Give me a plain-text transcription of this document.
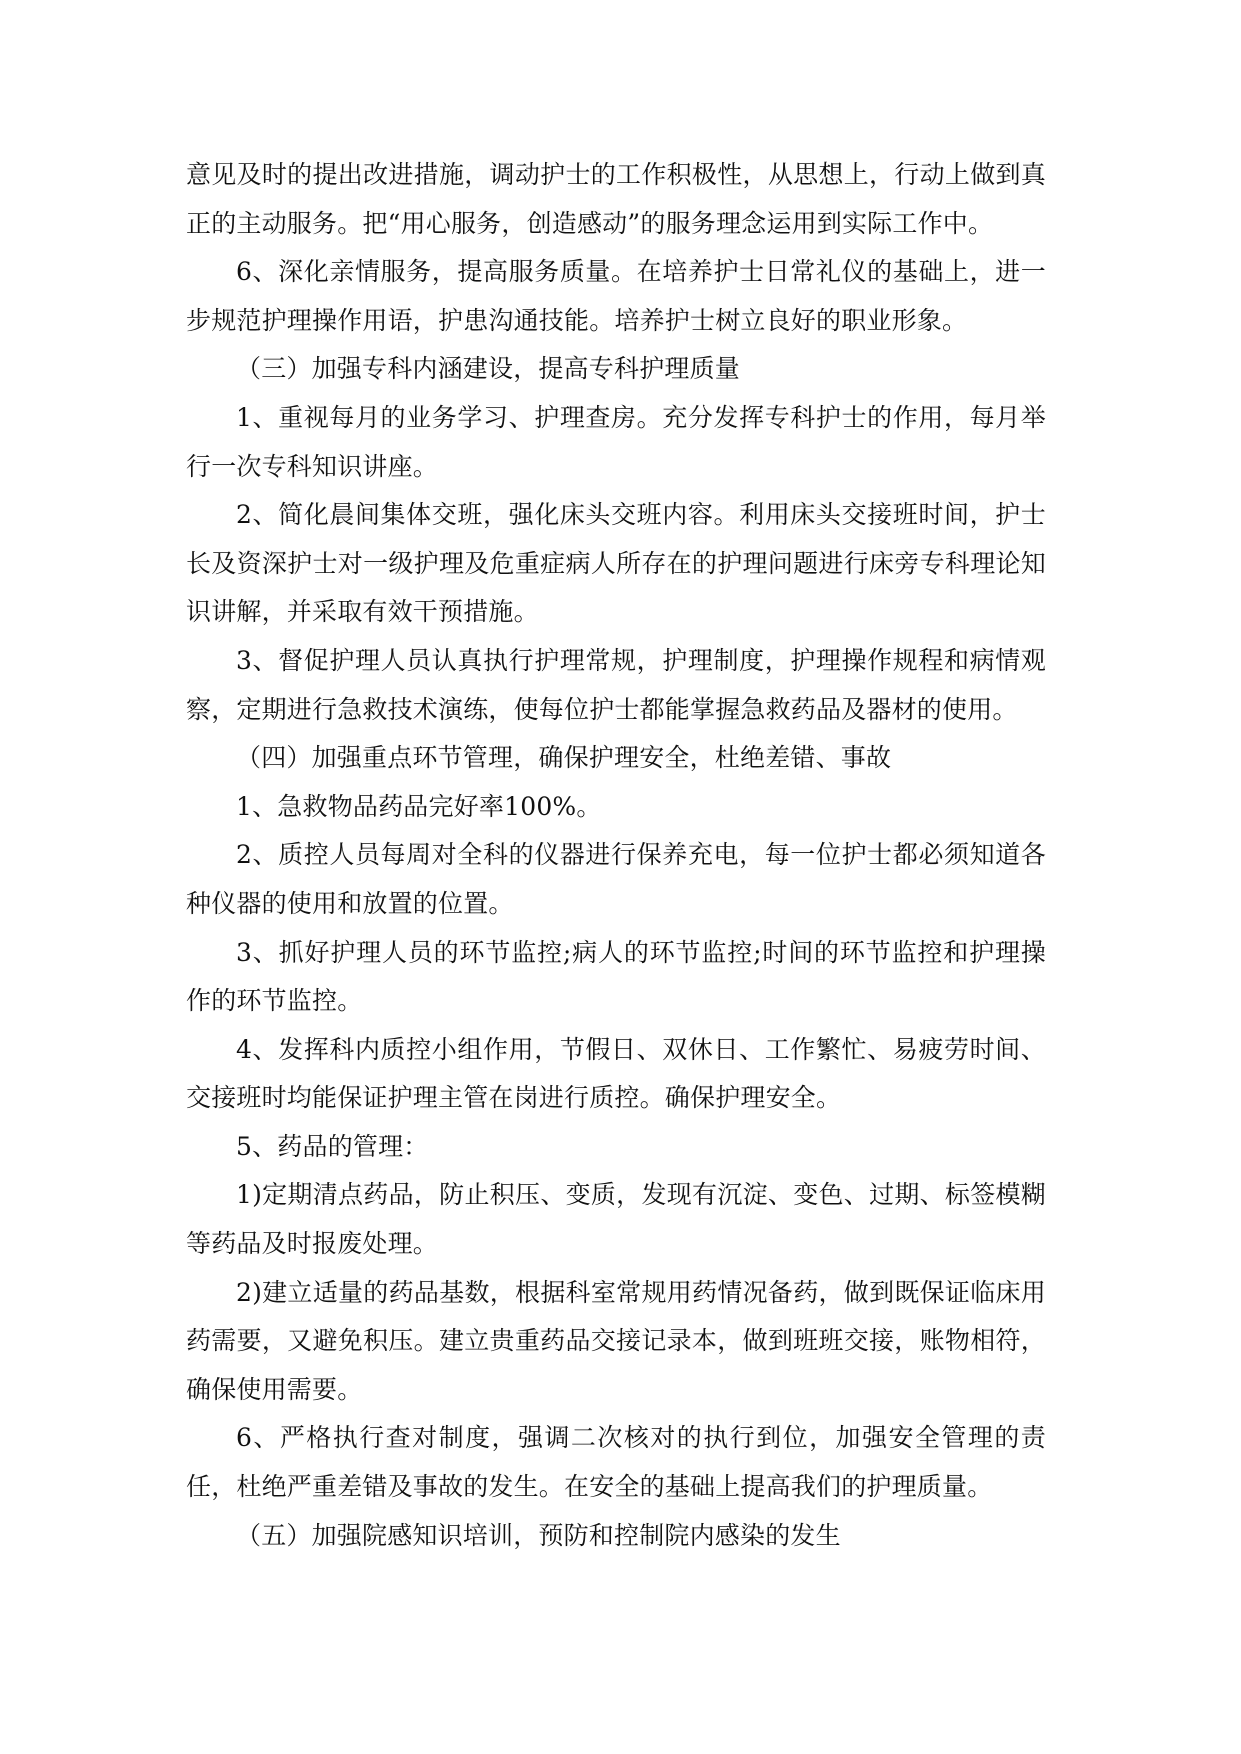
意见及时的提出改进措施，调动护士的工作积极性，从思想上，行动上做到真正的主动服务。把“用心服务，创造感动”的服务理念运用到实际工作中。

6、深化亲情服务，提高服务质量。在培养护士日常礼仪的基础上，进一步规范护理操作用语，护患沟通技能。培养护士树立良好的职业形象。

（三）加强专科内涵建设，提高专科护理质量

1、重视每月的业务学习、护理查房。充分发挥专科护士的作用，每月举行一次专科知识讲座。

2、简化晨间集体交班，强化床头交班内容。利用床头交接班时间，护士长及资深护士对一级护理及危重症病人所存在的护理问题进行床旁专科理论知识讲解，并采取有效干预措施。

3、督促护理人员认真执行护理常规，护理制度，护理操作规程和病情观察，定期进行急救技术演练，使每位护士都能掌握急救药品及器材的使用。

（四）加强重点环节管理，确保护理安全，杜绝差错、事故

1、急救物品药品完好率100%。

2、质控人员每周对全科的仪器进行保养充电，每一位护士都必须知道各种仪器的使用和放置的位置。

3、抓好护理人员的环节监控;病人的环节监控;时间的环节监控和护理操作的环节监控。

4、发挥科内质控小组作用，节假日、双休日、工作繁忙、易疲劳时间、交接班时均能保证护理主管在岗进行质控。确保护理安全。

5、药品的管理：

1)定期清点药品，防止积压、变质，发现有沉淀、变色、过期、标签模糊等药品及时报废处理。

2)建立适量的药品基数，根据科室常规用药情况备药，做到既保证临床用药需要，又避免积压。建立贵重药品交接记录本，做到班班交接，账物相符，确保使用需要。

6、严格执行查对制度，强调二次核对的执行到位，加强安全管理的责任，杜绝严重差错及事故的发生。在安全的基础上提高我们的护理质量。

（五）加强院感知识培训，预防和控制院内感染的发生
